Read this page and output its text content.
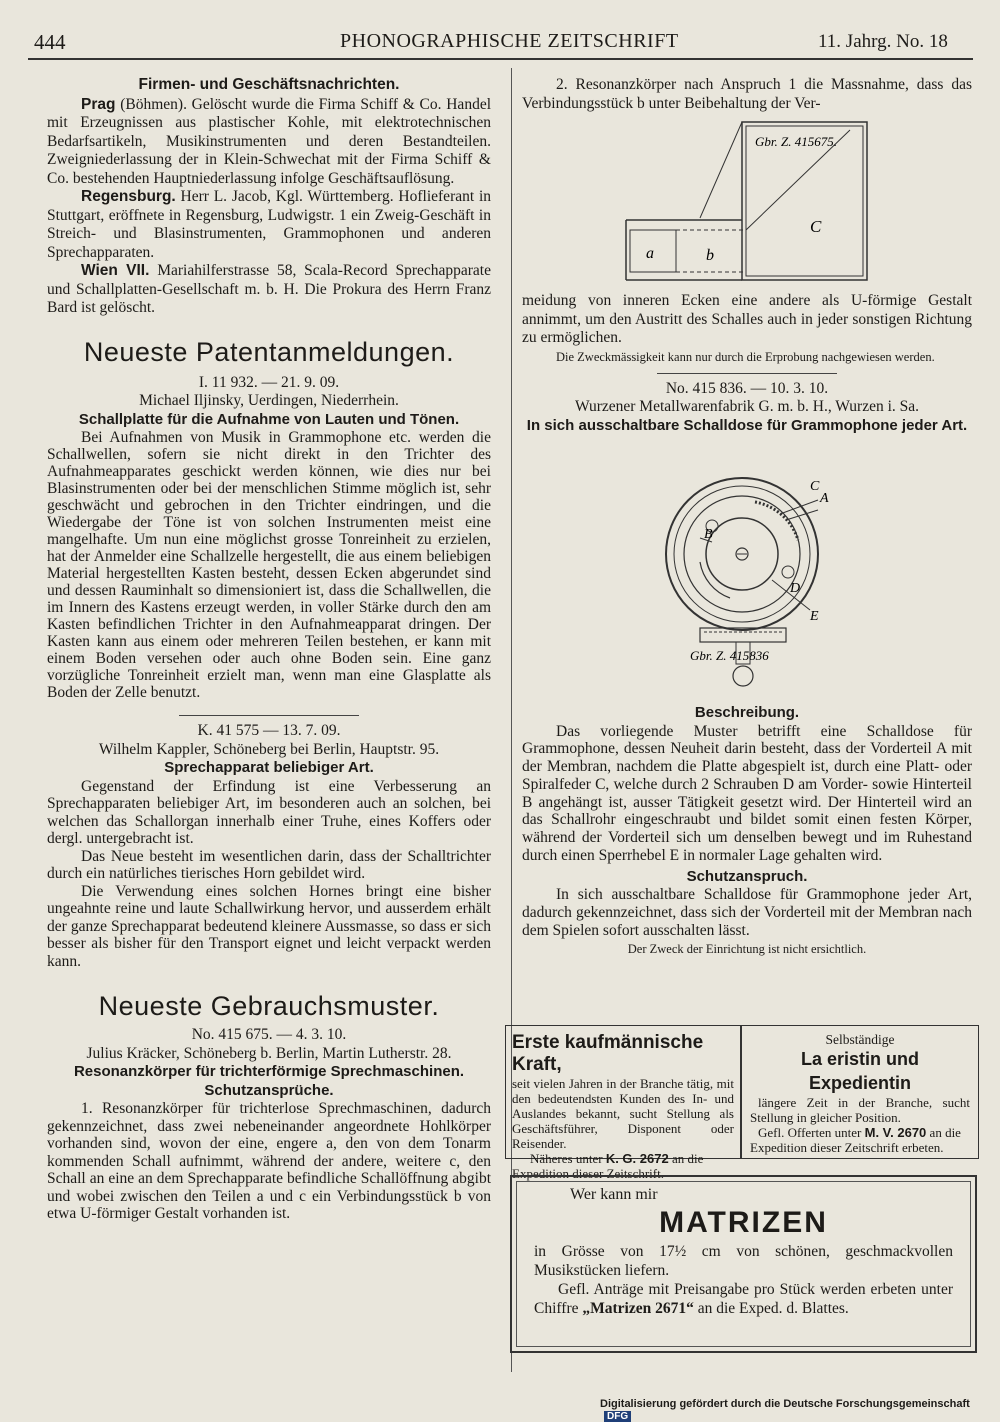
444	PHONOGRAPHISCHE ZEITSCHRIFT	11. Jahrg. No. 18
Firmen- und Geschäftsnachrichten.

Prag (Böhmen). Gelöscht wurde die Firma Schiff & Co. Handel mit Erzeugnissen aus plastischer Kohle, mit elektrotechnischen Bedarfsartikeln, Musikinstrumenten und deren Bestandteilen. Zweigniederlassung der in Klein-Schwechat mit der Firma Schiff & Co. bestehenden Hauptniederlassung infolge Geschäftsauflösung.

Regensburg. Herr L. Jacob, Kgl. Württemberg. Hoflieferant in Stuttgart, eröffnete in Regensburg, Ludwigstr. 1 ein Zweig-Geschäft in Streich- und Blasinstrumenten, Grammophonen und anderen Sprechapparaten.

Wien VII. Mariahilferstrasse 58, Scala-Record Sprechapparate und Schallplatten-Gesellschaft m. b. H. Die Prokura des Herrn Franz Bard ist gelöscht.

Neueste Patentanmeldungen.
I. 11 932. — 21. 9. 09.
Michael Iljinsky, Uerdingen, Niederrhein.
Schallplatte für die Aufnahme von Lauten und Tönen.

Bei Aufnahmen von Musik in Grammophone etc. werden die Schallwellen, sofern sie nicht direkt in den Trichter des Aufnahmeapparates geschickt werden können, wie dies nur bei Blasinstrumenten oder bei der menschlichen Stimme möglich ist, sehr geschwächt und gebrochen in den Trichter eindringen, und die Wiedergabe der Töne ist von solchen Instrumenten meist eine mangelhafte. Um nun eine möglichst grosse Tonreinheit zu erzielen, hat der Anmelder eine Schallzelle hergestellt, die aus einem beliebigen Material hergestellten Kasten besteht, dessen Ecken abgerundet sind und dessen Rauminhalt so dimensioniert ist, dass die Schallwellen, die im Innern des Kastens erzeugt werden, in voller Stärke durch den am Kasten befindlichen Trichter in den Aufnahmeapparat dringen. Der Kasten kann aus einem oder mehreren Teilen bestehen, er kann mit einem Boden versehen oder auch ohne Boden sein. Eine ganz vorzügliche Tonreinheit erzielt man, wenn man eine Glasplatte als Boden der Zelle benutzt.

K. 41 575 — 13. 7. 09.
Wilhelm Kappler, Schöneberg bei Berlin, Hauptstr. 95.
Sprechapparat beliebiger Art.

Gegenstand der Erfindung ist eine Verbesserung an Sprechapparaten beliebiger Art, im besonderen auch an solchen, bei welchen das Schallorgan innerhalb einer Truhe, eines Koffers oder dergl. untergebracht ist.

Das Neue besteht im wesentlichen darin, dass der Schalltrichter durch ein natürliches tierisches Horn gebildet wird.

Die Verwendung eines solchen Hornes bringt eine bisher ungeahnte reine und laute Schallwirkung hervor, und ausserdem erhält der ganze Sprechapparat bedeutend kleinere Aussmasse, so dass er sich besser als bisher für den Transport eignet und leicht verpackt werden kann.

Neueste Gebrauchsmuster.
No. 415 675. — 4. 3. 10.
Julius Kräcker, Schöneberg b. Berlin, Martin Lutherstr. 28.
Resonanzkörper für trichterförmige Sprechmaschinen.
Schutzansprüche.

1. Resonanzkörper für trichterlose Sprechmaschinen, dadurch gekennzeichnet, dass zwei nebeneinander angeordnete Hohlkörper vorhanden sind, wovon der eine, engere a, den von dem Tonarm kommenden Schall aufnimmt, während der andere, weitere c, den Schall an eine an dem Sprechapparate befindliche Schallöffnung abgibt und wobei zwischen den Teilen a und c ein Verbindungsstück b von etwa U-förmiger Gestalt vorhanden ist.

2. Resonanzkörper nach Anspruch 1 die Massnahme, dass das Verbindungsstück b unter Beibehaltung der Ver-

Gbr. Z. 415675.
a	b
C

meidung von inneren Ecken eine andere als U-förmige Gestalt annimmt, um den Austritt des Schalles auch in jeder sonstigen Richtung zu ermöglichen.

Die Zweckmässigkeit kann nur durch die Erprobung nachgewiesen werden.

No. 415 836. — 10. 3. 10.
Wurzener Metallwarenfabrik G. m. b. H., Wurzen i. Sa.
In sich ausschaltbare Schalldose für Grammophone jeder Art.
A
B
C
D
E
Gbr. Z. 415836
Beschreibung.

Das vorliegende Muster betrifft eine Schalldose für Grammophone, dessen Neuheit darin besteht, dass der Vorderteil A mit der Membran, nachdem die Platte abgespielt ist, durch eine Platt- oder Spiralfeder C, welche durch 2 Schrauben D am Vorder- sowie Hinterteil B angehängt ist, ausser Tätigkeit gesetzt wird. Der Hinterteil wird an das Schallrohr eingeschraubt und bildet somit einen festen Körper, während der Vorderteil sich um denselben bewegt und im Ruhestand durch einen Sperrhebel E in normaler Lage gehalten wird.

Schutzanspruch.

In sich ausschaltbare Schalldose für Grammophone jeder Art, dadurch gekennzeichnet, dass sich der Vorderteil mit der Membran nach dem Spielen sofort ausschalten lässt.

Der Zweck der Einrichtung ist nicht ersichtlich.

Erste kaufmännische Kraft,

seit vielen Jahren in der Branche tätig, mit den bedeutendsten Kunden des In- und Auslandes bekannt, sucht Stellung als Geschäftsführer, Disponent oder Reisender.

Näheres unter K. G. 2672 an die Expedition dieser Zeitschrift.

Selbständige
La eristin und Expedientin

längere Zeit in der Branche, sucht Stellung in gleicher Position.

Gefl. Offerten unter M. V. 2670 an die Expedition dieser Zeitschrift erbeten.

Wer kann mir
MATRIZEN

in Grösse von 17½ cm von schönen, geschmackvollen Musikstücken liefern.

Gefl. Anträge mit Preisangabe pro Stück werden erbeten unter Chiffre „Matrizen 2671“ an die Exped. d. Blattes.

Digitalisierung gefördert durch die Deutsche Forschungsgemeinschaft DFG
